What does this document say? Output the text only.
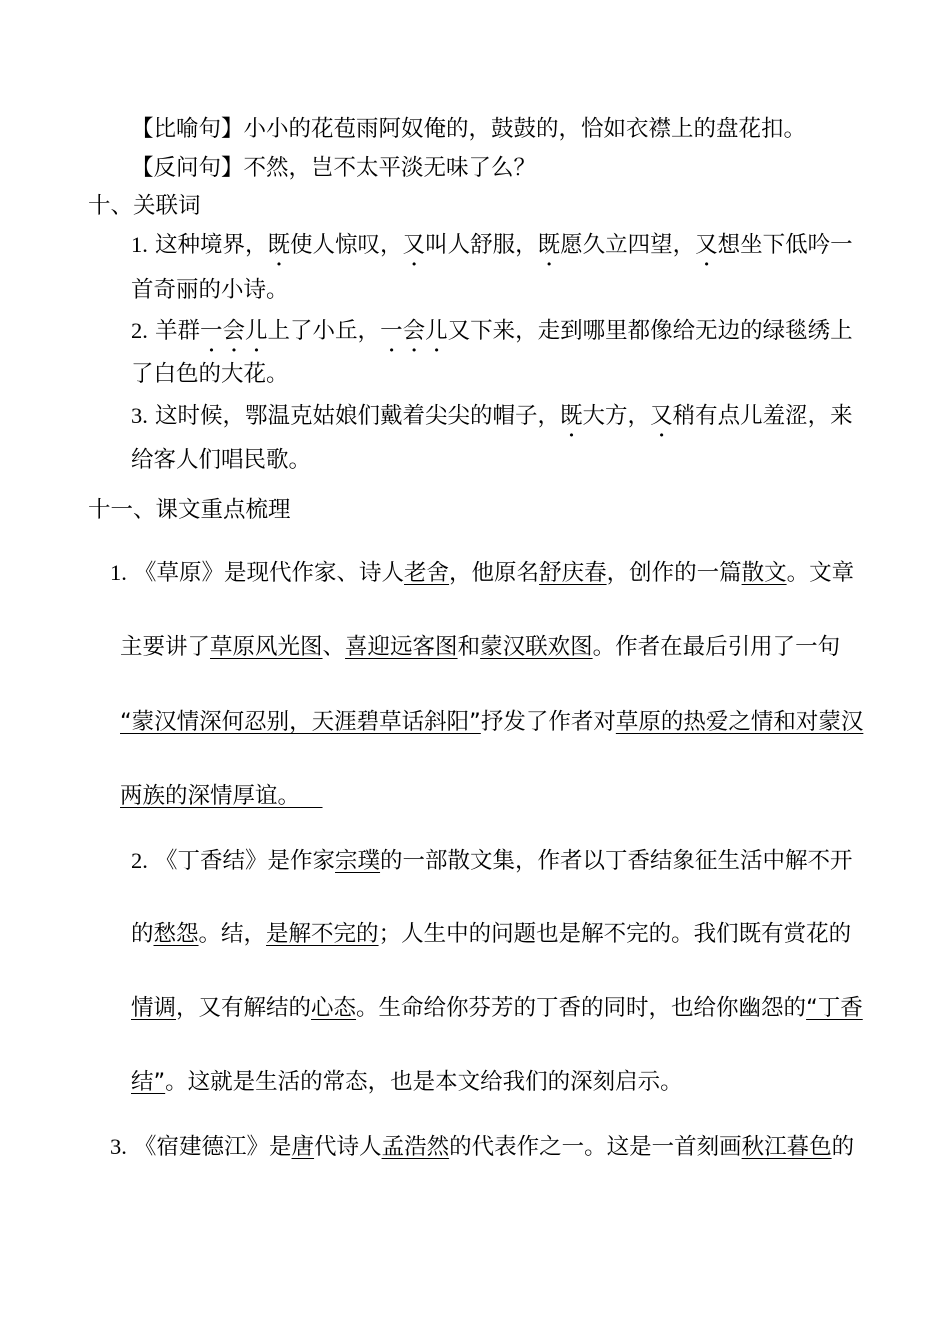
【比喻句】小小的花苞雨阿奴俺的，鼓鼓的，恰如衣襟上的盘花扣。
【反问句】不然，岂不太平淡无味了么？
十、关联词
1. 这种境界，既使人惊叹，又叫人舒服，既愿久立四望，又想坐下低吟一
首奇丽的小诗。
2. 羊群一会儿上了小丘，一会儿又下来，走到哪里都像给无边的绿毯绣上
了白色的大花。
3. 这时候，鄂温克姑娘们戴着尖尖的帽子，既大方，又稍有点儿羞涩，来
给客人们唱民歌。
十一、课文重点梳理
1. 《草原》是现代作家、诗人老舍，他原名舒庆春，创作的一篇散文。文章
主要讲了草原风光图、喜迎远客图和蒙汉联欢图。作者在最后引用了一句
“蒙汉情深何忍别，天涯碧草话斜阳”抒发了作者对草原的热爱之情和对蒙汉
两族的深情厚谊。 
2. 《丁香结》是作家宗璞的一部散文集，作者以丁香结象征生活中解不开
的愁怨。结，是解不完的；人生中的问题也是解不完的。我们既有赏花的
情调，又有解结的心态。生命给你芬芳的丁香的同时，也给你幽怨的“丁香
结”。这就是生活的常态，也是本文给我们的深刻启示。
3. 《宿建德江》是唐代诗人孟浩然的代表作之一。这是一首刻画秋江暮色的
